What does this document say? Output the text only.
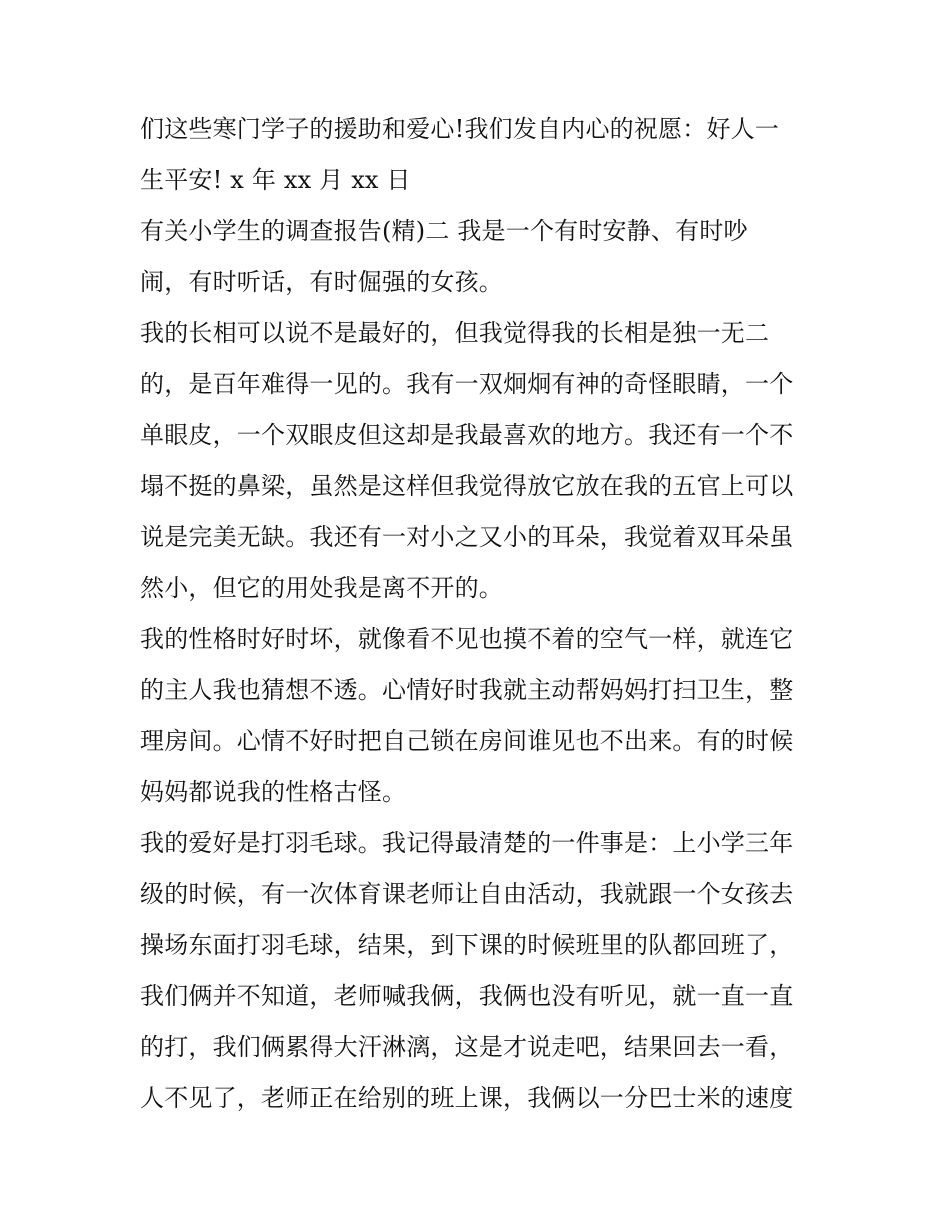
们这些寒门学子的援助和爱心!我们发自内心的祝愿：好人一
生平安! x 年 xx 月 xx 日
有关小学生的调查报告(精)二 我是一个有时安静、有时吵
闹，有时听话，有时倔强的女孩。
我的长相可以说不是最好的，但我觉得我的长相是独一无二
的，是百年难得一见的。我有一双炯炯有神的奇怪眼睛，一个
单眼皮，一个双眼皮但这却是我最喜欢的地方。我还有一个不
塌不挺的鼻梁，虽然是这样但我觉得放它放在我的五官上可以
说是完美无缺。我还有一对小之又小的耳朵，我觉着双耳朵虽
然小，但它的用处我是离不开的。
我的性格时好时坏，就像看不见也摸不着的空气一样，就连它
的主人我也猜想不透。心情好时我就主动帮妈妈打扫卫生，整
理房间。心情不好时把自己锁在房间谁见也不出来。有的时候
妈妈都说我的性格古怪。
我的爱好是打羽毛球。我记得最清楚的一件事是：上小学三年
级的时候，有一次体育课老师让自由活动，我就跟一个女孩去
操场东面打羽毛球，结果，到下课的时候班里的队都回班了，
我们俩并不知道，老师喊我俩，我俩也没有听见，就一直一直
的打，我们俩累得大汗淋漓，这是才说走吧，结果回去一看，
人不见了，老师正在给别的班上课，我俩以一分巴士米的速度
